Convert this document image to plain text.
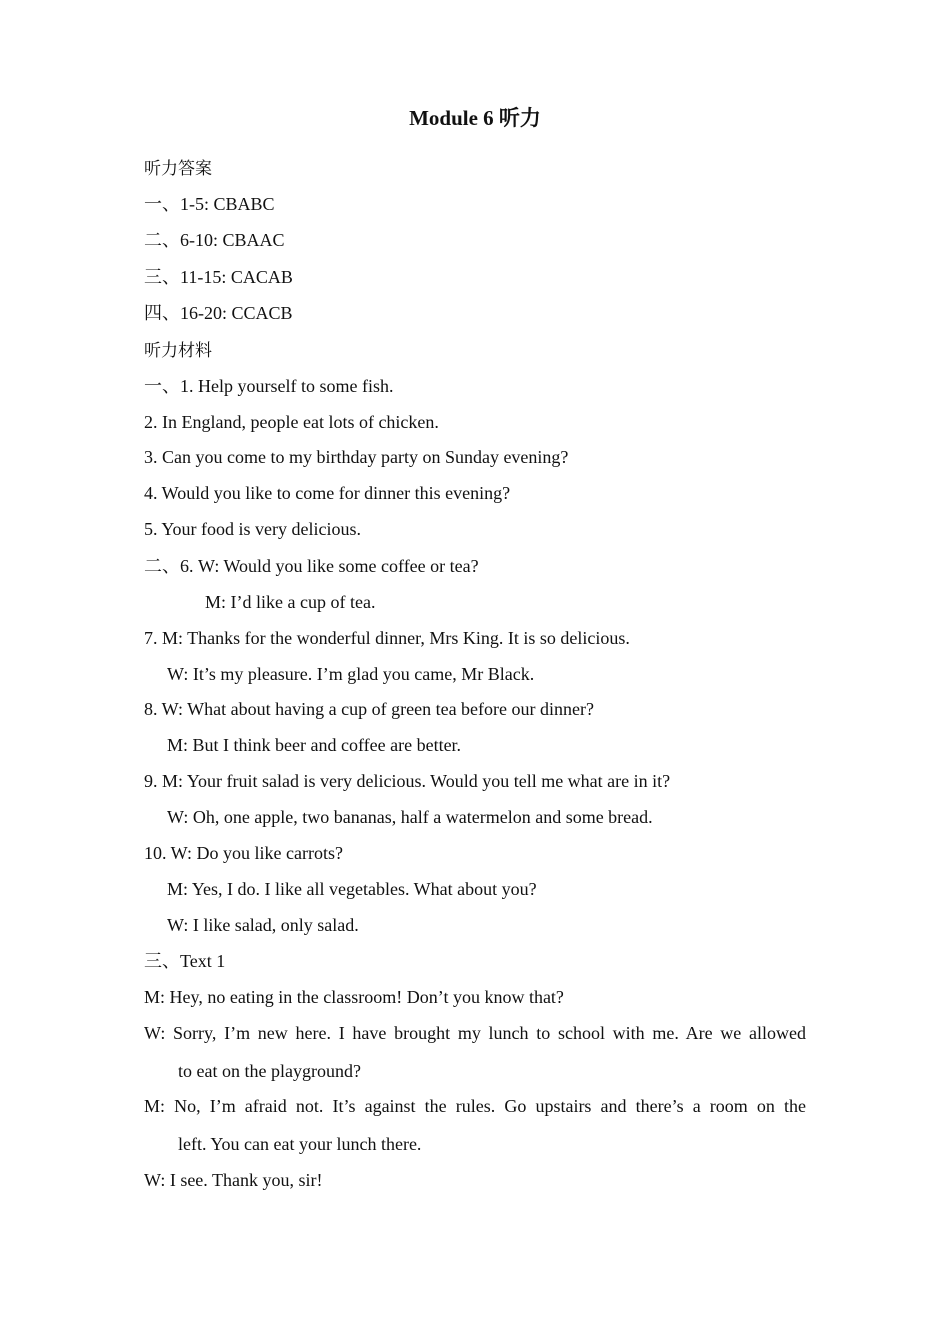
Module 6 听力
听力答案
一、1-5: CBABC
二、6-10: CBAAC
三、11-15: CACAB
四、16-20: CCACB
听力材料
一、1. Help yourself to some fish.
2. In England, people eat lots of chicken.
3. Can you come to my birthday party on Sunday evening?
4. Would you like to come for dinner this evening?
5. Your food is very delicious.
二、6. W: Would you like some coffee or tea?
M: I’d like a cup of tea.
7. M: Thanks for the wonderful dinner, Mrs King. It is so delicious.
W: It’s my pleasure. I’m glad you came, Mr Black.
8. W: What about having a cup of green tea before our dinner?
M: But I think beer and coffee are better.
9. M: Your fruit salad is very delicious. Would you tell me what are in it?
W: Oh, one apple, two bananas, half a watermelon and some bread.
10. W: Do you like carrots?
M: Yes, I do. I like all vegetables. What about you?
W: I like salad, only salad.
三、Text 1
M: Hey, no eating in the classroom! Don’t you know that?
W: Sorry, I’m new here. I have brought my lunch to school with me. Are we allowed
to eat on the playground?
M: No, I’m afraid not. It’s against the rules. Go upstairs and there’s a room on the
left. You can eat your lunch there.
W: I see. Thank you, sir!
